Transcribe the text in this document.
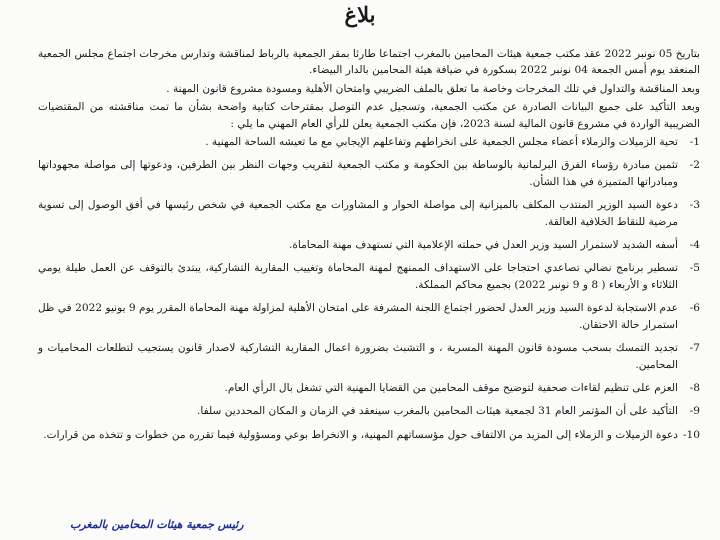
بلاغ

بتاريخ 05 نونبر 2022 عقد مكتب جمعية هيئات المحامين بالمغرب اجتماعا طارئا بمقر الجمعية بالرباط لمناقشة وتدارس مخرجات اجتماع مجلس الجمعية المنعقد يوم أمس الجمعة 04 نونبر 2022 بسكورة في ضيافة هيئة المحامين بالدار البيضاء.

وبعد المناقشة والتداول في تلك المخرجات وخاصة ما تعلق بالملف الضريبي وامتحان الأهلية ومسودة مشروع قانون المهنة .

وبعد التأكيد على جميع البيانات الصادرة عن مكتب الجمعية، وتسجيل عدم التوصل بمقترحات كتابية واضحة بشأن ما تمت مناقشته من المقتضيات الضريبية الواردة في مشروع قانون المالية لسنة 2023، فإن مكتب الجمعية يعلن للرأي العام المهني ما يلي :

1-
تحية الزميلات والزملاء أعضاء مجلس الجمعية على انخراطهم وتفاعلهم الإيجابي مع ما تعيشه الساحة المهنية .
2-
تثمين مبادرة رؤساء الفرق البرلمانية بالوساطة بين الحكومة و مكتب الجمعية لتقريب وجهات النظر بين الطرفين، ودعوتها إلى مواصلة مجهوداتها ومبادراتها المتميزة في هذا الشأن.
3-
دعوة السيد الوزير المنتدب المكلف بالميزانية إلى مواصلة الحوار و المشاورات مع مكتب الجمعية في شخص رئيسها في أفق الوصول إلى تسوية مرضية للنقاط الخلافية العالقة.
4-
أسفه الشديد لاستمرار السيد وزير العدل في حملته الإعلامية التي تستهدف مهنة المحاماة.
5-
تسطير برنامج نضالي تصاعدي احتجاجا على الاستهداف الممنهج لمهنة المحاماة وتغييب المقاربة التشاركية، يبتدئ بالتوقف عن العمل طيلة يومي الثلاثاء و الأربعاء ( 8 و 9 نونبر 2022) بجميع محاكم المملكة.
6-
عدم الاستجابة لدعوة السيد وزير العدل لحضور اجتماع اللجنة المشرفة على امتحان الأهلية لمزاولة مهنة المحاماة المقرر يوم 9 يونيو 2022 في ظل استمرار حالة الاحتقان.
7-
تجديد التمسك بسحب مسودة قانون المهنة المسربة ، و التشبث بضرورة اعمال المقاربة التشاركية لاصدار قانون يستجيب لتطلعات المحاميات و المحامين.
8-
العزم على تنظيم لقاءات صحفية لتوضيح موقف المحامين من القضايا المهنية التي تشغل بال الرأي العام.
9-
التأكيد على أن المؤتمر العام 31 لجمعية هيئات المحامين بالمغرب سينعقد في الزمان و المكان المحددين سلفا.
10-
دعوة الزميلات و الزملاء إلى المزيد من الالتفاف حول مؤسساتهم المهنية، و الانخراط بوعي ومسؤولية فيما تقرره من خطوات و تتخذه من قرارات.
رئيس جمعية هيئات المحامين بالمغرب
